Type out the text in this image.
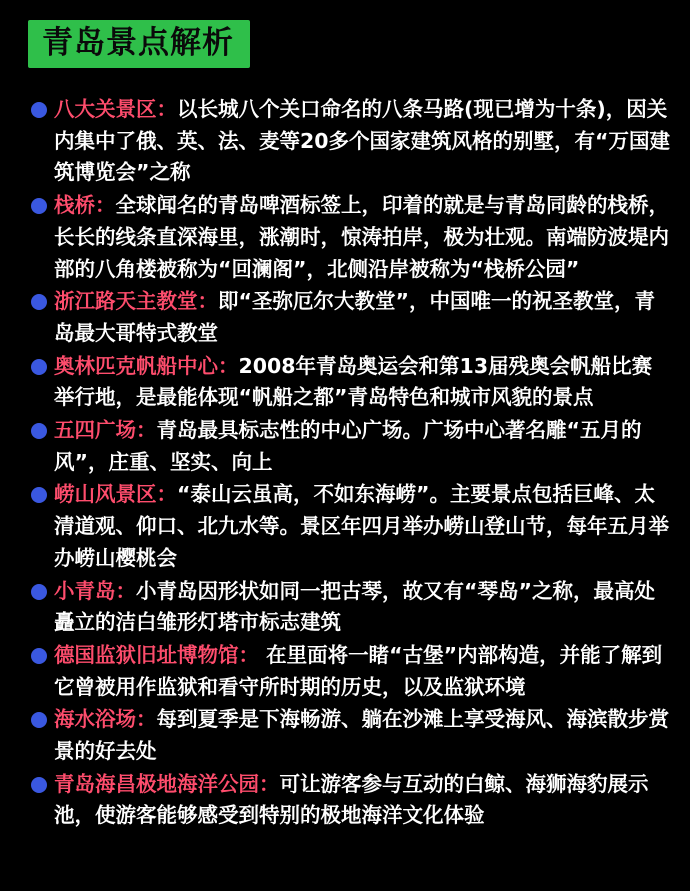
青岛景点解析
八大关景区：以长城八个关口命名的八条马路(现已增为十条)，因关内集中了俄、英、法、麦等20多个国家建筑风格的别墅，有“万国建筑博览会”之称
栈桥：全球闻名的青岛啤酒标签上，印着的就是与青岛同龄的栈桥，长长的线条直深海里，涨潮时，惊涛拍岸，极为壮观。南端防波堤内部的八角楼被称为“回澜阁”，北侧沿岸被称为“栈桥公园”
浙江路天主教堂：即“圣弥厄尔大教堂”，中国唯一的祝圣教堂，青岛最大哥特式教堂
奥林匹克帆船中心：2008年青岛奥运会和第13届残奥会帆船比赛举行地，是最能体现“帆船之都”青岛特色和城市风貌的景点
五四广场：青岛最具标志性的中心广场。广场中心著名雕“五月的风”，庄重、坚实、向上
崂山风景区：“泰山云虽高，不如东海崂”。主要景点包括巨峰、太清道观、仰口、北九水等。景区年四月举办崂山登山节，每年五月举办崂山樱桃会
小青岛：小青岛因形状如同一把古琴，故又有“琴岛”之称，最高处矗立的洁白雏形灯塔市标志建筑
德国监狱旧址博物馆： 在里面将一睹“古堡”内部构造，并能了解到它曾被用作监狱和看守所时期的历史，以及监狱环境
海水浴场：每到夏季是下海畅游、躺在沙滩上享受海风、海滨散步赏景的好去处
青岛海昌极地海洋公园：可让游客参与互动的白鲸、海狮海豹展示池，使游客能够感受到特别的极地海洋文化体验
